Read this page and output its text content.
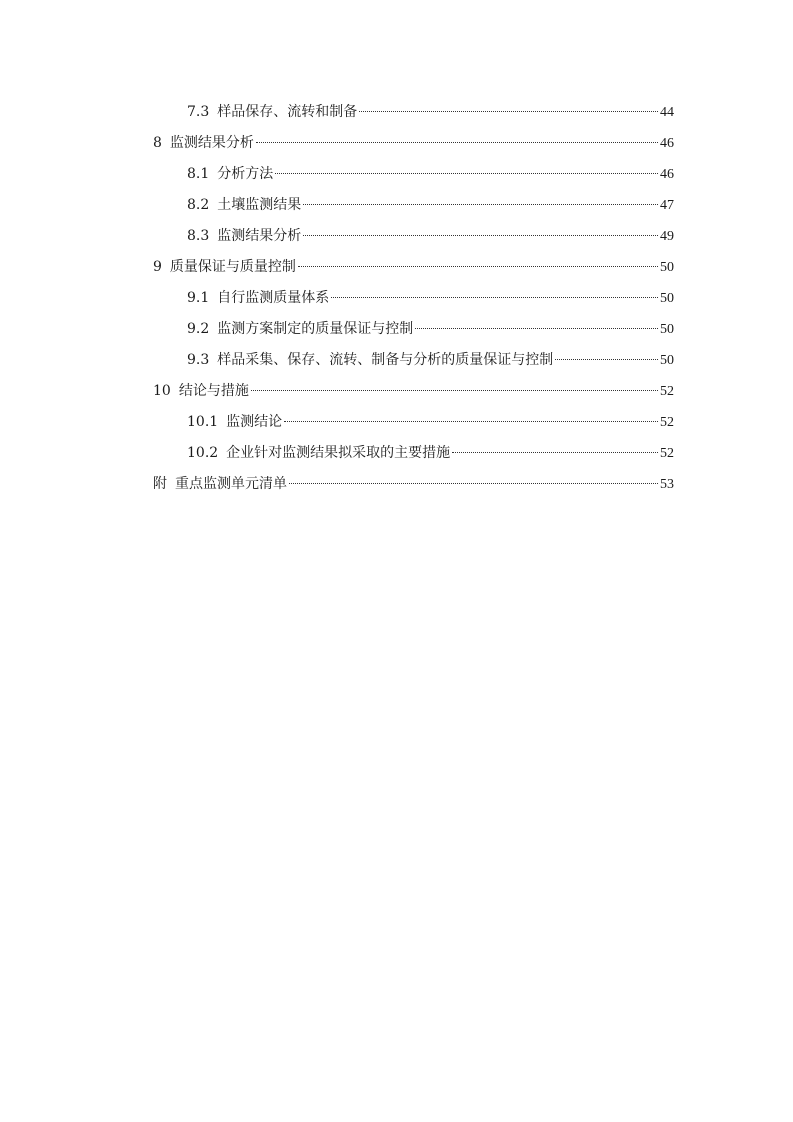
7.3 样品保存、流转和制备	44
8 监测结果分析	46
8.1 分析方法	46
8.2 土壤监测结果	47
8.3 监测结果分析	49
9 质量保证与质量控制	50
9.1 自行监测质量体系	50
9.2 监测方案制定的质量保证与控制	50
9.3 样品采集、保存、流转、制备与分析的质量保证与控制	50
10 结论与措施	52
10.1 监测结论	52
10.2 企业针对监测结果拟采取的主要措施	52
附 重点监测单元清单	53
